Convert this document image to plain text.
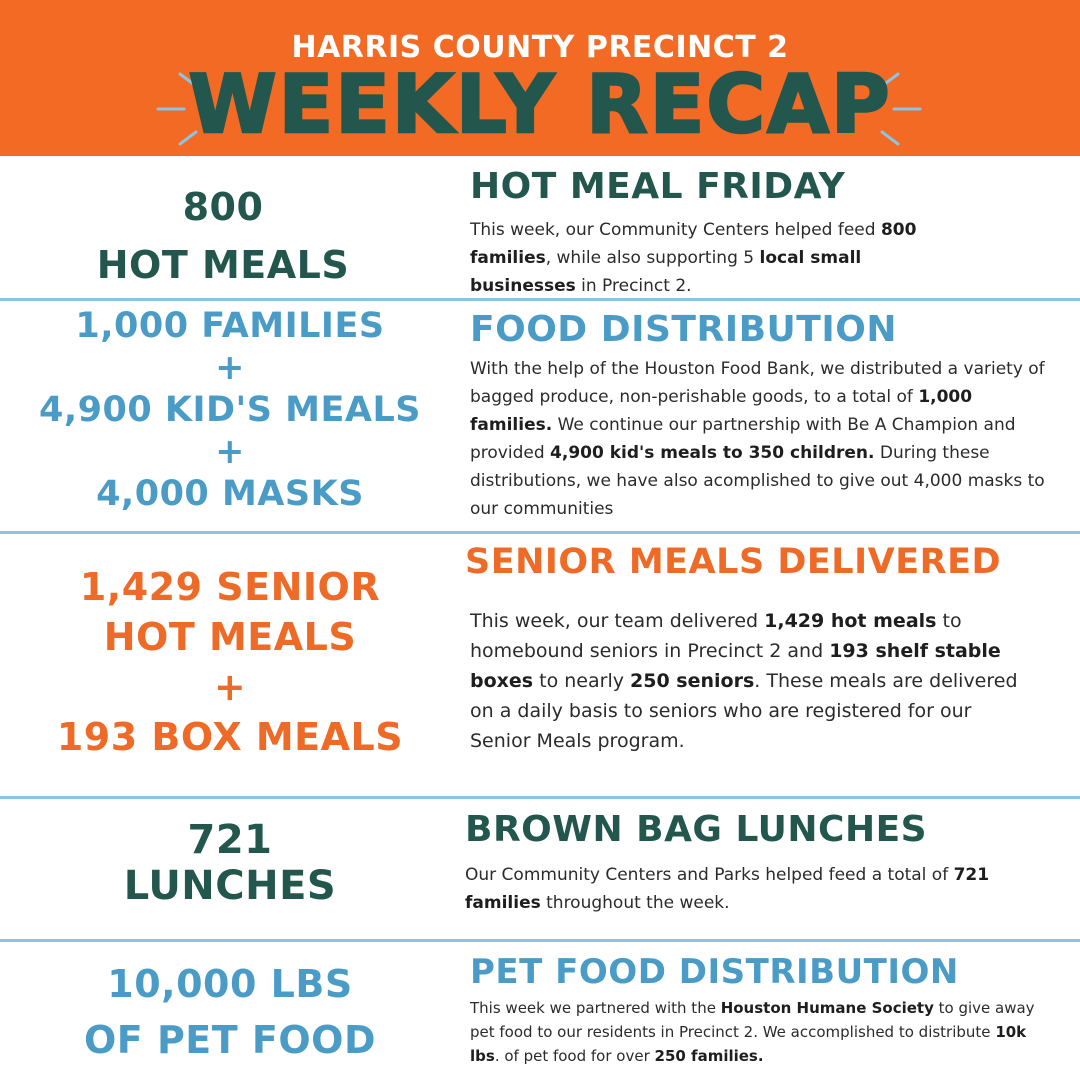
HARRIS COUNTY PRECINCT 2
WEEKLY RECAP
800
HOT MEALS
HOT MEAL FRIDAY
This week, our Community Centers helped feed 800 families, while also supporting 5 local small businesses in Precinct 2.
1,000 FAMILIES
+
4,900 KID'S MEALS
+
4,000 MASKS
FOOD DISTRIBUTION
With the help of the Houston Food Bank, we distributed a variety of bagged produce, non-perishable goods, to a total of 1,000 families. We continue our partnership with Be A Champion and provided 4,900 kid's meals to 350 children. During these distributions, we have also acomplished to give out 4,000 masks to our communities
1,429 SENIOR
HOT MEALS
+
193 BOX MEALS
SENIOR MEALS DELIVERED
This week, our team delivered 1,429 hot meals to homebound seniors in Precinct 2 and 193 shelf stable boxes to nearly 250 seniors. These meals are delivered on a daily basis to seniors who are registered for our Senior Meals program.
721
LUNCHES
BROWN BAG LUNCHES
Our Community Centers and Parks helped feed a total of 721 families throughout the week.
10,000 LBS
OF PET FOOD
PET FOOD DISTRIBUTION
This week we partnered with the Houston Humane Society to give away pet food to our residents in Precinct 2. We accomplished to distribute 10k lbs. of pet food for over 250 families.
